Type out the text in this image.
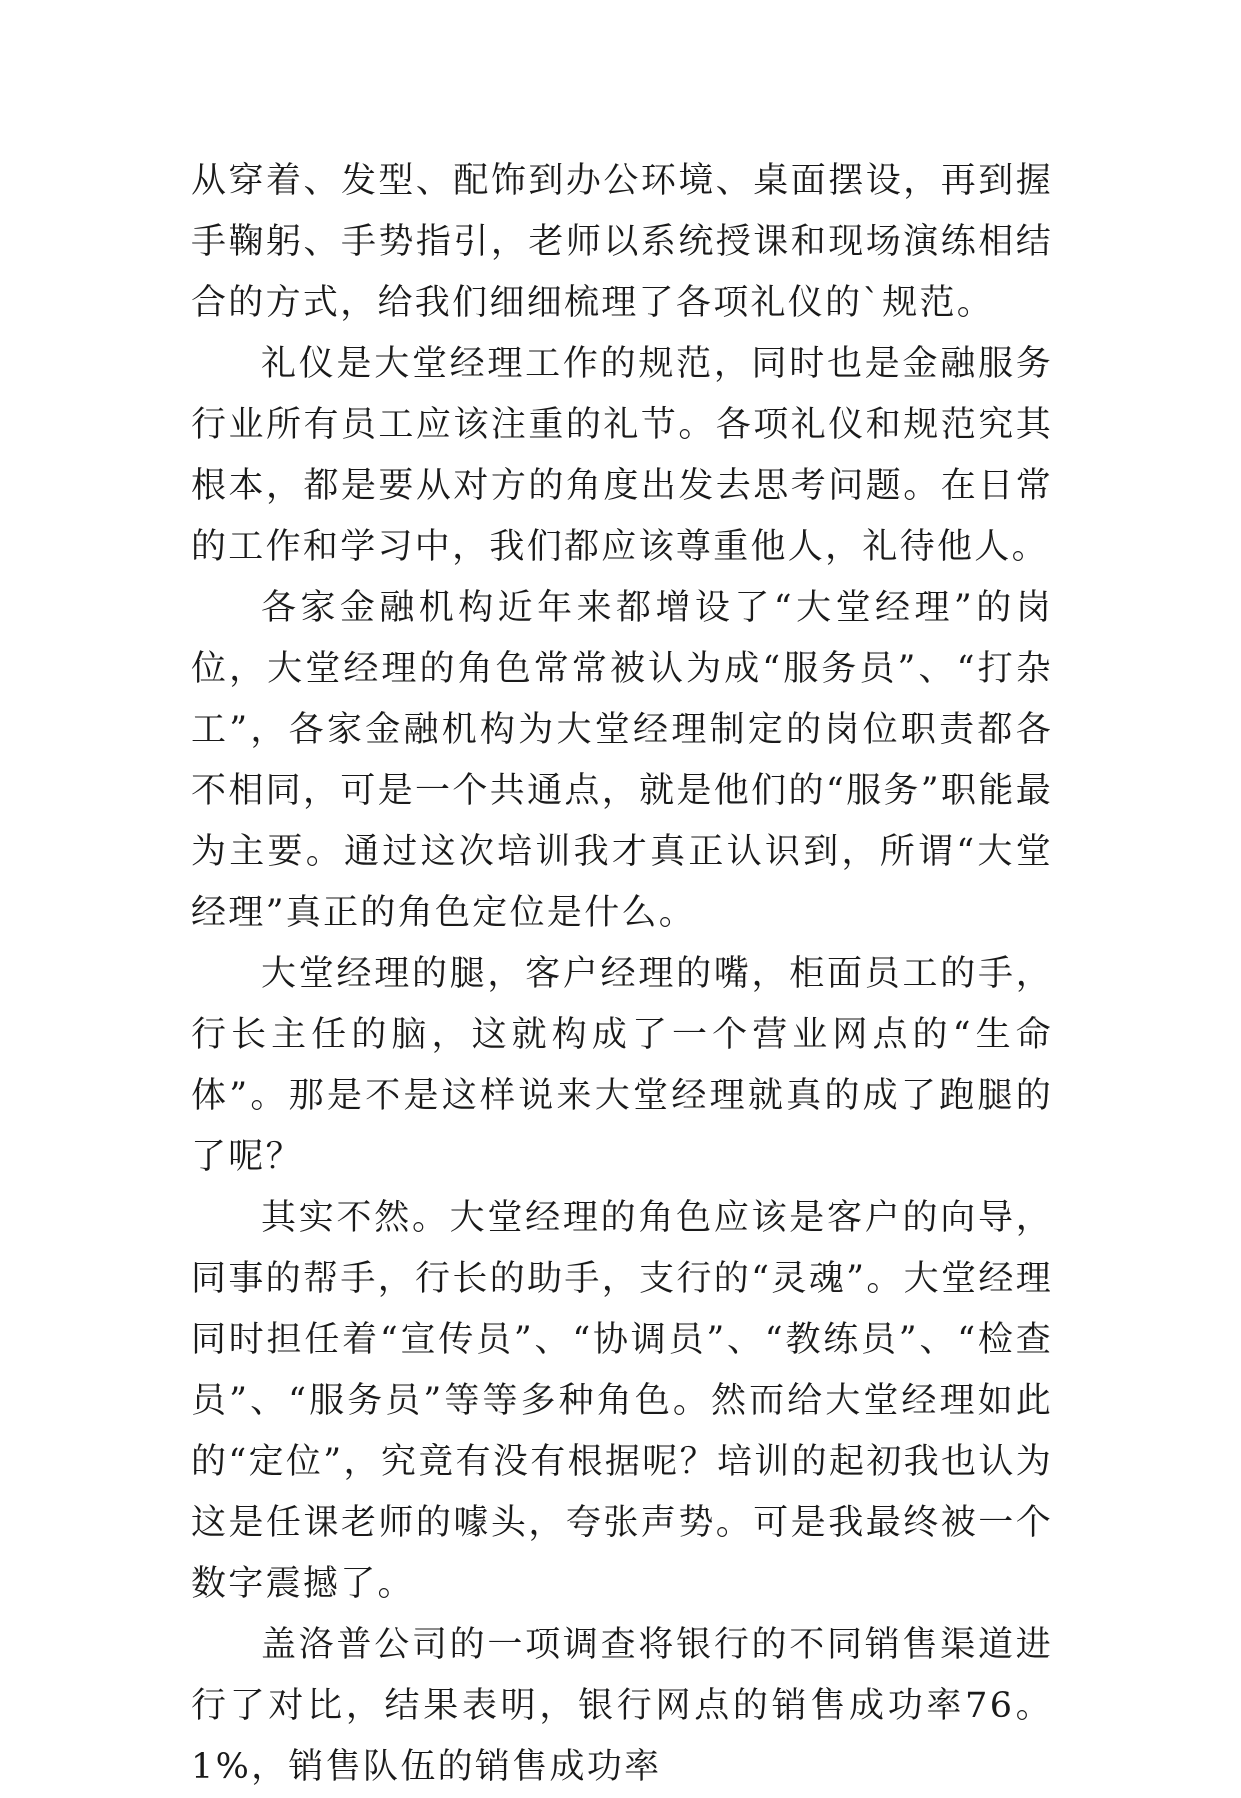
从穿着、发型、配饰到办公环境、桌面摆设，再到握手鞠躬、手势指引，老师以系统授课和现场演练相结合的方式，给我们细细梳理了各项礼仪的`规范。

礼仪是大堂经理工作的规范，同时也是金融服务行业所有员工应该注重的礼节。各项礼仪和规范究其根本，都是要从对方的角度出发去思考问题。在日常的工作和学习中，我们都应该尊重他人，礼待他人。

各家金融机构近年来都增设了“大堂经理”的岗位，大堂经理的角色常常被认为成“服务员”、“打杂工”，各家金融机构为大堂经理制定的岗位职责都各不相同，可是一个共通点，就是他们的“服务”职能最为主要。通过这次培训我才真正认识到，所谓“大堂经理”真正的角色定位是什么。

大堂经理的腿，客户经理的嘴，柜面员工的手，行长主任的脑，这就构成了一个营业网点的“生命体”。那是不是这样说来大堂经理就真的成了跑腿的了呢？

其实不然。大堂经理的角色应该是客户的向导，同事的帮手，行长的助手，支行的“灵魂”。大堂经理同时担任着“宣传员”、“协调员”、“教练员”、“检查员”、“服务员”等等多种角色。然而给大堂经理如此的“定位”，究竟有没有根据呢？培训的起初我也认为这是任课老师的噱头，夸张声势。可是我最终被一个数字震撼了。

盖洛普公司的一项调查将银行的不同销售渠道进行了对比，结果表明，银行网点的销售成功率76。1%，销售队伍的销售成功率
